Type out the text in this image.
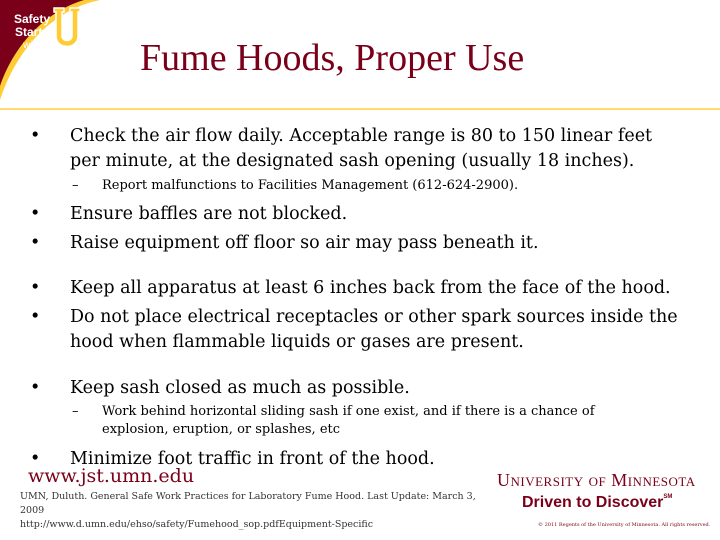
Safety
Starts
with	Fume Hoods, Proper Use
• Check the air flow daily. Acceptable range is 80 to 150 linear feet per minute, at the designated sash opening (usually 18 inches).
– Report malfunctions to Facilities Management (612-624-2900).
• Ensure baffles are not blocked.
• Raise equipment off floor so air may pass beneath it.
• Keep all apparatus at least 6 inches back from the face of the hood.
• Do not place electrical receptacles or other spark sources inside the hood when flammable liquids or gases are present.
• Keep sash closed as much as possible.
– Work behind horizontal sliding sash if one exist, and if there is a chance of explosion, eruption, or splashes, etc
• Minimize foot traffic in front of the hood.
www.jst.umn.edu
UMN, Duluth. General Safe Work Practices for Laboratory Fume Hood. Last Update: March 3, 2009
http://www.d.umn.edu/ehso/safety/Fumehood_sop.pdfEquipment-Specific
University of Minnesota
Driven to Discover℠
© 2011 Regents of the University of Minnesota. All rights reserved.
